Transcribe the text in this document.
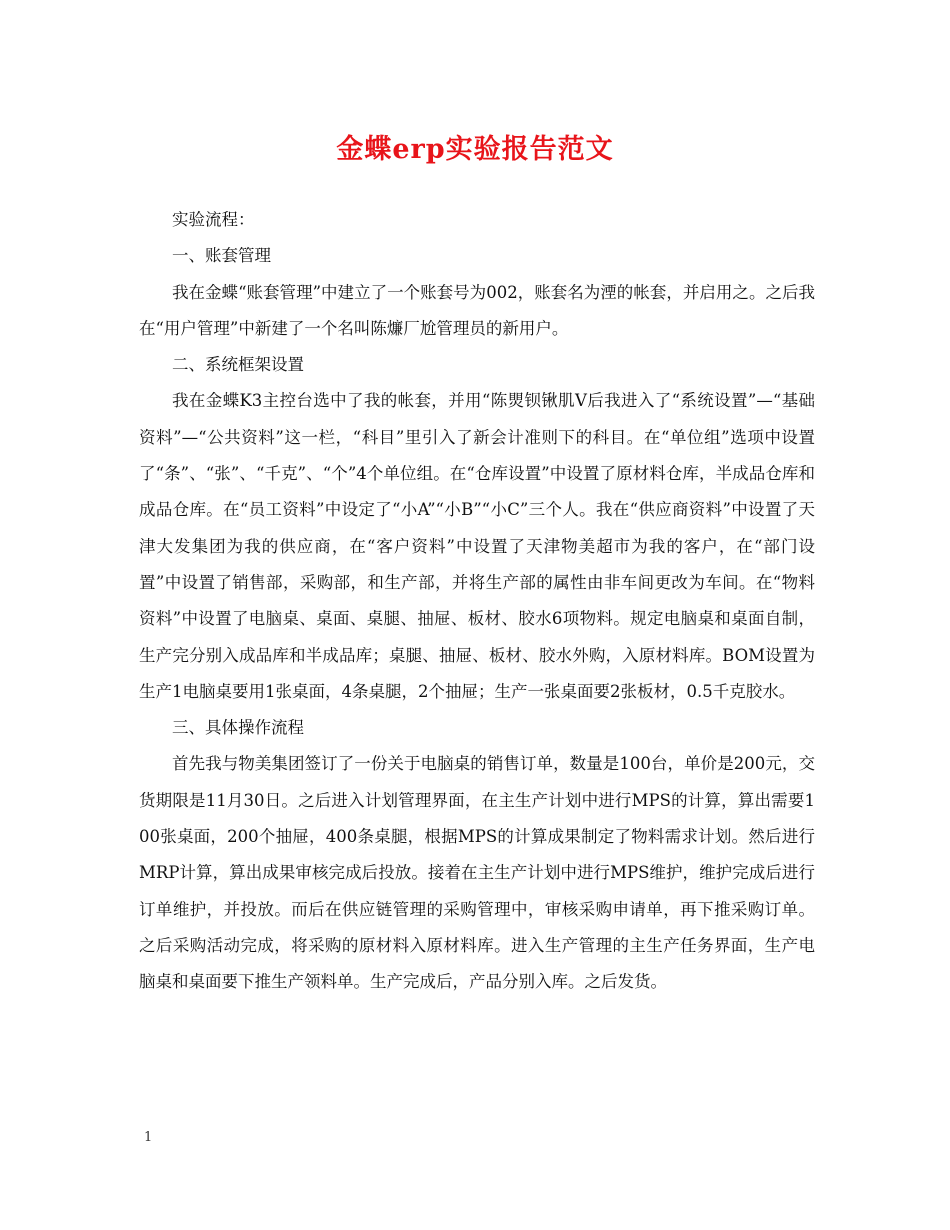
金蝶erp实验报告范文

实验流程：

一、账套管理

我在金蝶“账套管理”中建立了一个账套号为002，账套名为湮的帐套，并启用之。之后我在“用户管理”中新建了一个名叫陈燫厂尬管理员的新用户。

二、系统框架设置

我在金蝶K3主控台选中了我的帐套，并用“陈煛钡锹肌Ⅴ后我进入了“系统设置”—“基础资料”—“公共资料”这一栏，“科目”里引入了新会计准则下的科目。在“单位组”选项中设置了“条”、“张”、“千克”、“个”4个单位组。在“仓库设置”中设置了原材料仓库，半成品仓库和成品仓库。在“员工资料”中设定了“小A”“小B”“小C”三个人。我在“供应商资料”中设置了天津大发集团为我的供应商，在“客户资料”中设置了天津物美超市为我的客户，在“部门设置”中设置了销售部，采购部，和生产部，并将生产部的属性由非车间更改为车间。在“物料资料”中设置了电脑桌、桌面、桌腿、抽屉、板材、胶水6项物料。规定电脑桌和桌面自制，生产完分别入成品库和半成品库；桌腿、抽屉、板材、胶水外购，入原材料库。BOM设置为生产1电脑桌要用1张桌面，4条桌腿，2个抽屉；生产一张桌面要2张板材，0.5千克胶水。

三、具体操作流程

首先我与物美集团签订了一份关于电脑桌的销售订单，数量是100台，单价是200元，交货期限是11月30日。之后进入计划管理界面，在主生产计划中进行MPS的计算，算出需要100张桌面，200个抽屉，400条桌腿，根据MPS的计算成果制定了物料需求计划。然后进行MRP计算，算出成果审核完成后投放。接着在主生产计划中进行MPS维护，维护完成后进行订单维护，并投放。而后在供应链管理的采购管理中，审核采购申请单，再下推采购订单。之后采购活动完成，将采购的原材料入原材料库。进入生产管理的主生产任务界面，生产电脑桌和桌面要下推生产领料单。生产完成后，产品分别入库。之后发货。

1
